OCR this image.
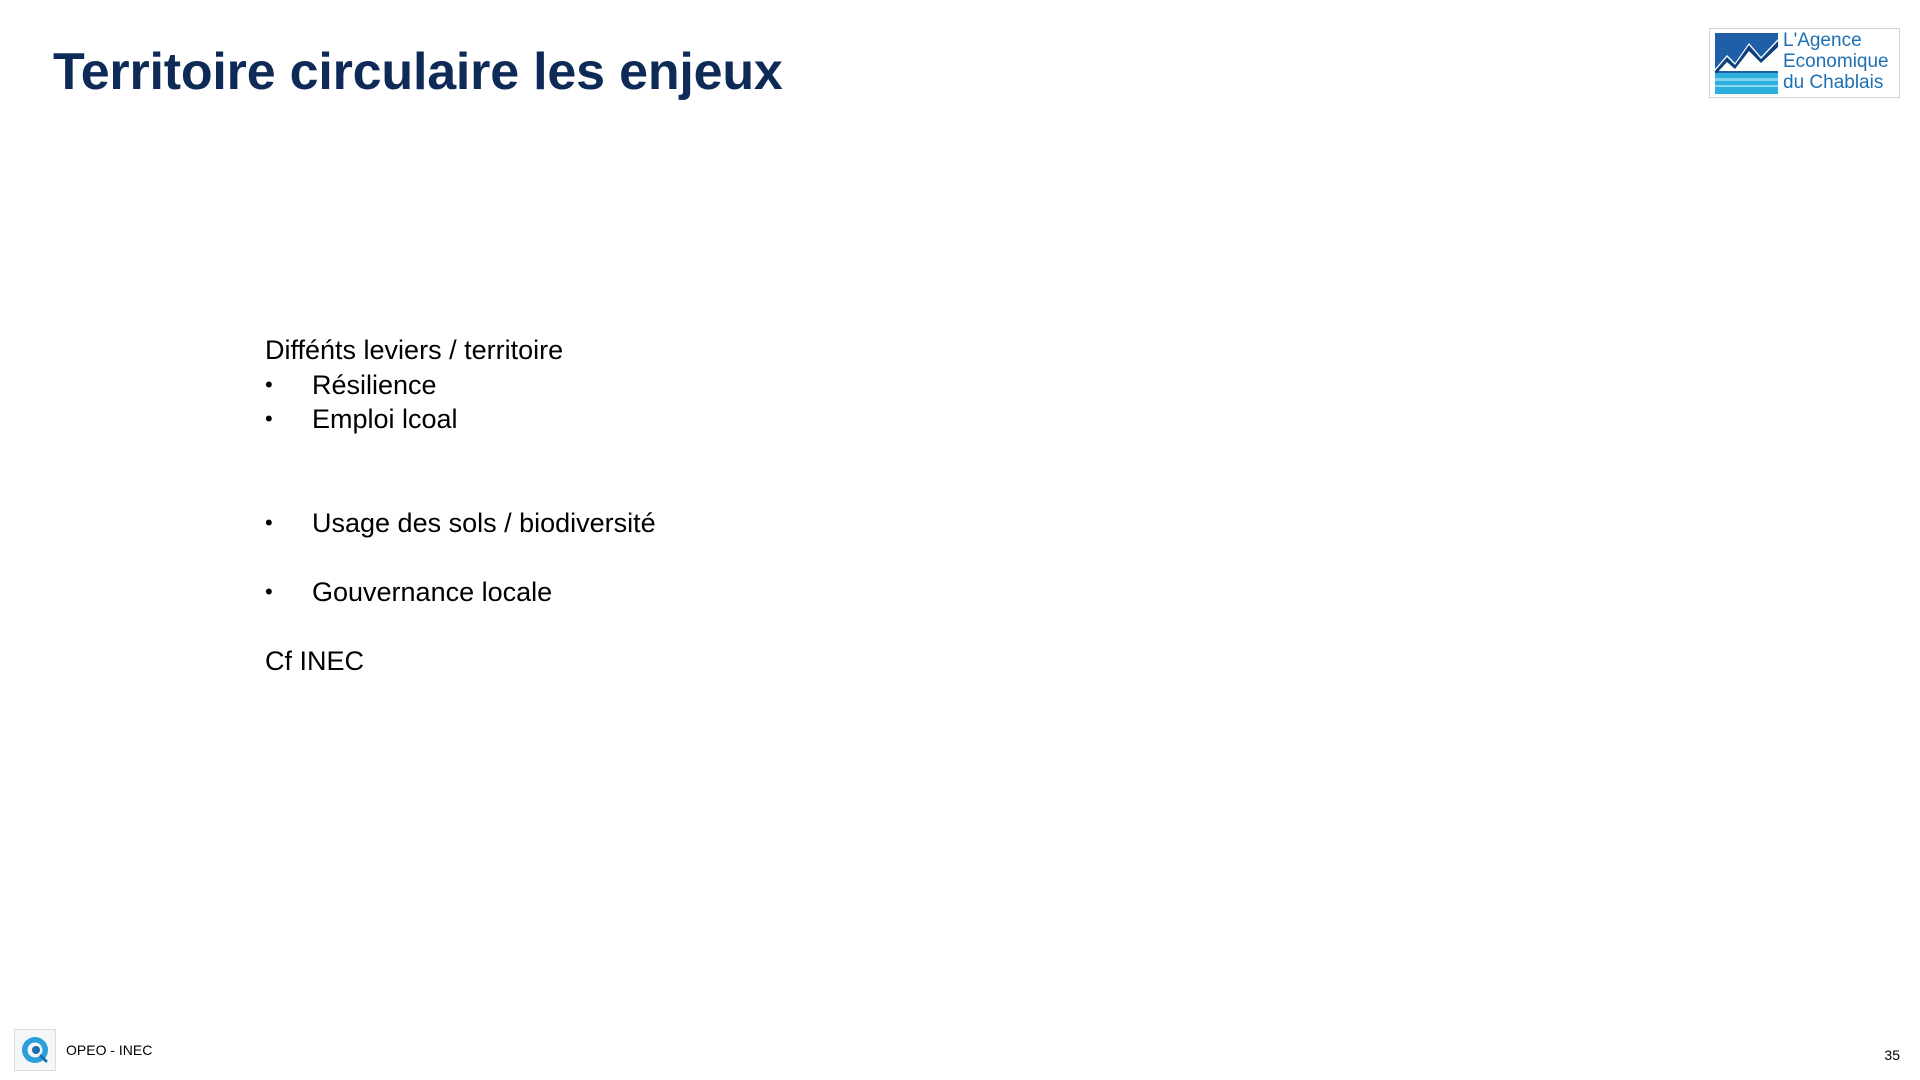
Territoire circulaire les enjeux
L'Agence
Economique
du Chablais
Difféńts leviers / territoire
•	Résilience
•	Emploi lcoal
•	Usage des sols / biodiversité
•	Gouvernance locale
Cf INEC
OPEO - INEC	35
